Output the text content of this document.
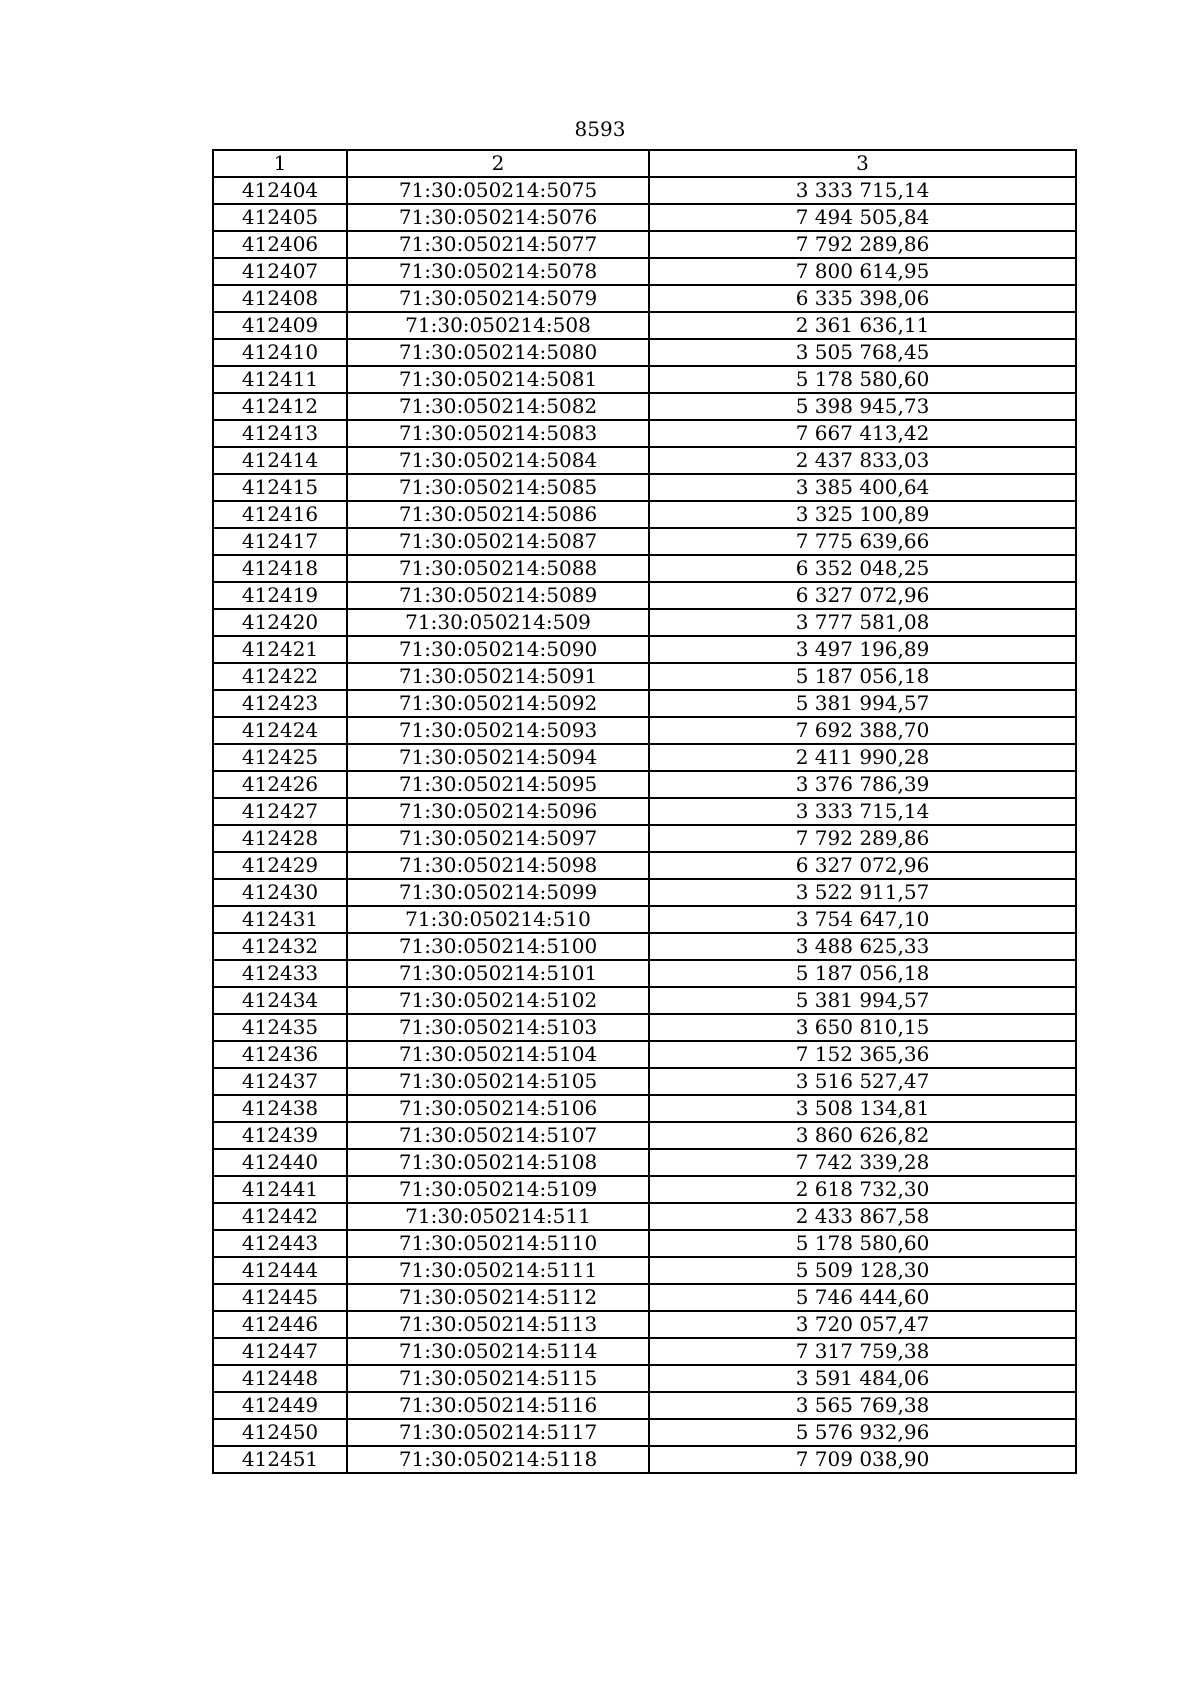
8593
1	2	3
412404	71:30:050214:5075	3 333 715,14
412405	71:30:050214:5076	7 494 505,84
412406	71:30:050214:5077	7 792 289,86
412407	71:30:050214:5078	7 800 614,95
412408	71:30:050214:5079	6 335 398,06
412409	71:30:050214:508	2 361 636,11
412410	71:30:050214:5080	3 505 768,45
412411	71:30:050214:5081	5 178 580,60
412412	71:30:050214:5082	5 398 945,73
412413	71:30:050214:5083	7 667 413,42
412414	71:30:050214:5084	2 437 833,03
412415	71:30:050214:5085	3 385 400,64
412416	71:30:050214:5086	3 325 100,89
412417	71:30:050214:5087	7 775 639,66
412418	71:30:050214:5088	6 352 048,25
412419	71:30:050214:5089	6 327 072,96
412420	71:30:050214:509	3 777 581,08
412421	71:30:050214:5090	3 497 196,89
412422	71:30:050214:5091	5 187 056,18
412423	71:30:050214:5092	5 381 994,57
412424	71:30:050214:5093	7 692 388,70
412425	71:30:050214:5094	2 411 990,28
412426	71:30:050214:5095	3 376 786,39
412427	71:30:050214:5096	3 333 715,14
412428	71:30:050214:5097	7 792 289,86
412429	71:30:050214:5098	6 327 072,96
412430	71:30:050214:5099	3 522 911,57
412431	71:30:050214:510	3 754 647,10
412432	71:30:050214:5100	3 488 625,33
412433	71:30:050214:5101	5 187 056,18
412434	71:30:050214:5102	5 381 994,57
412435	71:30:050214:5103	3 650 810,15
412436	71:30:050214:5104	7 152 365,36
412437	71:30:050214:5105	3 516 527,47
412438	71:30:050214:5106	3 508 134,81
412439	71:30:050214:5107	3 860 626,82
412440	71:30:050214:5108	7 742 339,28
412441	71:30:050214:5109	2 618 732,30
412442	71:30:050214:511	2 433 867,58
412443	71:30:050214:5110	5 178 580,60
412444	71:30:050214:5111	5 509 128,30
412445	71:30:050214:5112	5 746 444,60
412446	71:30:050214:5113	3 720 057,47
412447	71:30:050214:5114	7 317 759,38
412448	71:30:050214:5115	3 591 484,06
412449	71:30:050214:5116	3 565 769,38
412450	71:30:050214:5117	5 576 932,96
412451	71:30:050214:5118	7 709 038,90
